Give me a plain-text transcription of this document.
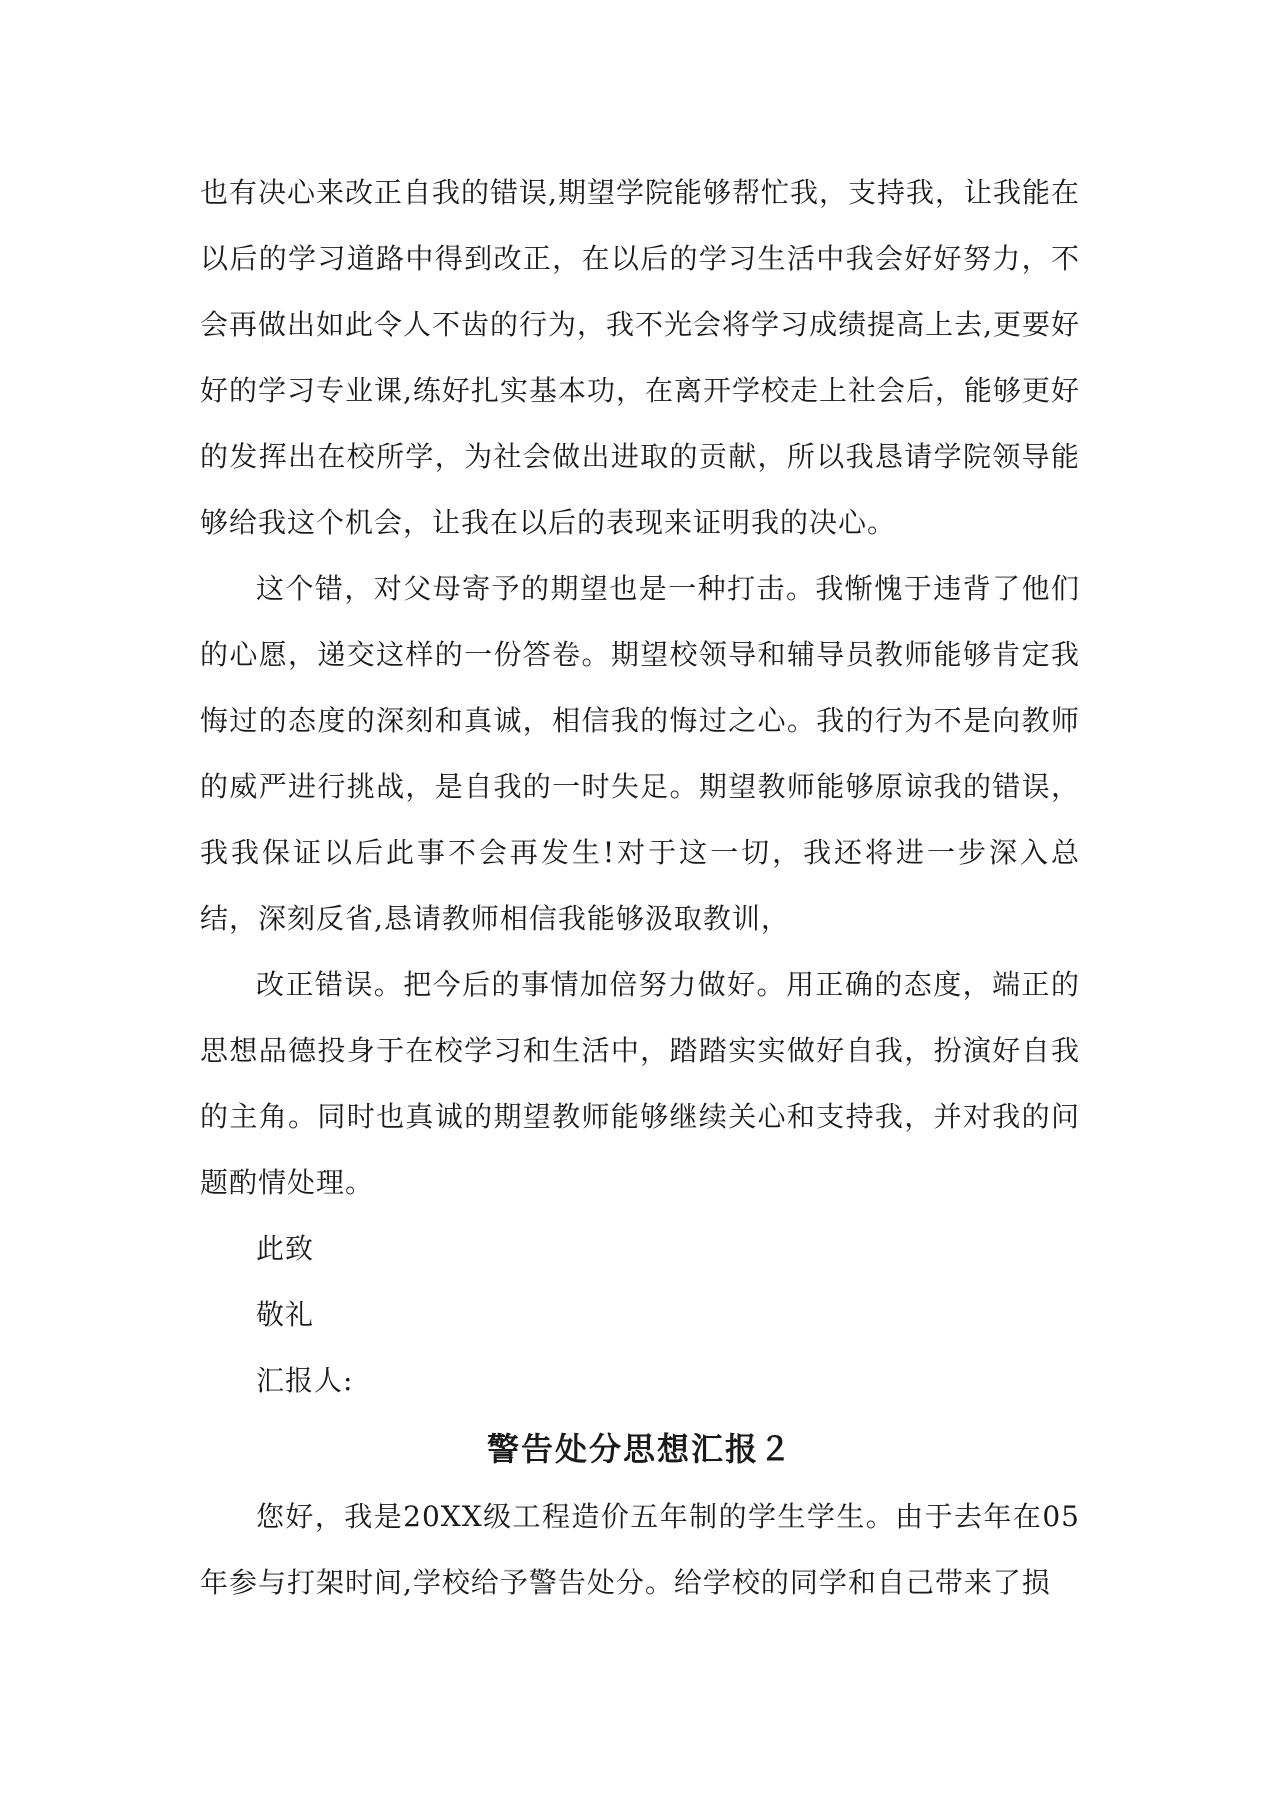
也有决心来改正自我的错误,期望学院能够帮忙我，支持我，让我能在以后的学习道路中得到改正，在以后的学习生活中我会好好努力，不会再做出如此令人不齿的行为，我不光会将学习成绩提高上去,更要好好的学习专业课,练好扎实基本功，在离开学校走上社会后，能够更好的发挥出在校所学，为社会做出进取的贡献，所以我恳请学院领导能够给我这个机会，让我在以后的表现来证明我的决心。

这个错，对父母寄予的期望也是一种打击。我惭愧于违背了他们的心愿，递交这样的一份答卷。期望校领导和辅导员教师能够肯定我悔过的态度的深刻和真诚，相信我的悔过之心。我的行为不是向教师的威严进行挑战，是自我的一时失足。期望教师能够原谅我的错误，我我保证以后此事不会再发生!对于这一切，我还将进一步深入总结，深刻反省,恳请教师相信我能够汲取教训，

改正错误。把今后的事情加倍努力做好。用正确的态度，端正的思想品德投身于在校学习和生活中，踏踏实实做好自我，扮演好自我的主角。同时也真诚的期望教师能够继续关心和支持我，并对我的问题酌情处理。

此致

敬礼

汇报人:

警告处分思想汇报２

您好，我是20XX级工程造价五年制的学生学生。由于去年在05年参与打架时间,学校给予警告处分。给学校的同学和自己带来了损
